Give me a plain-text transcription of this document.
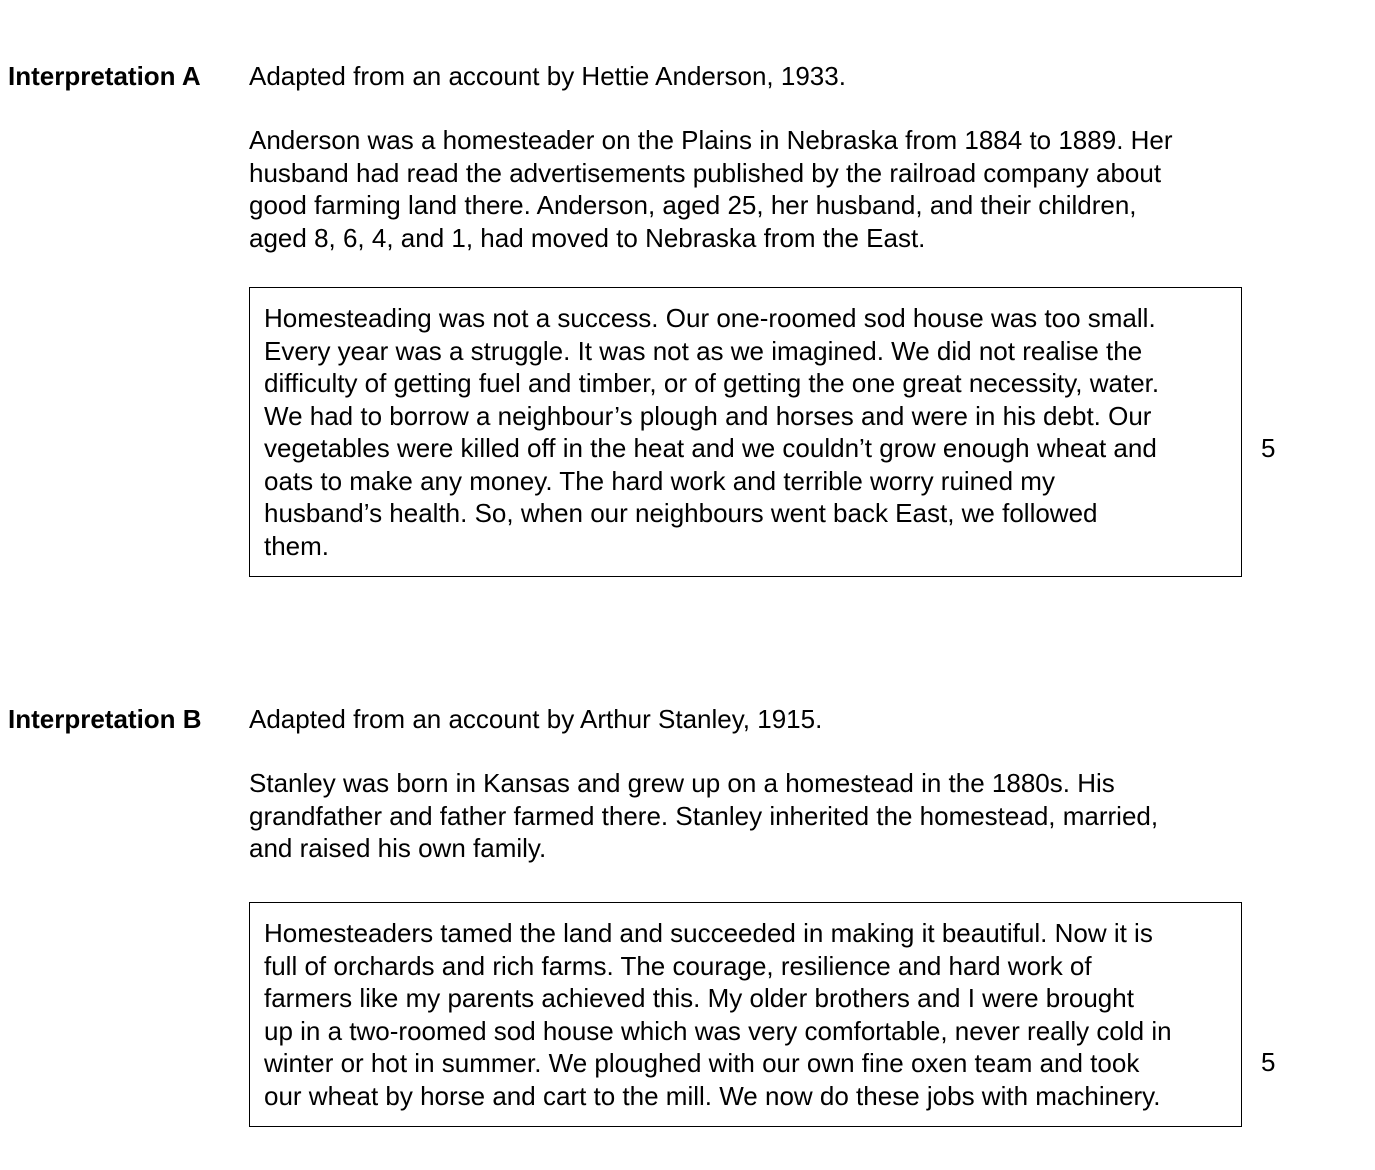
Interpretation A Adapted from an account by Hettie Anderson, 1933.
Anderson was a homesteader on the Plains in Nebraska from 1884 to 1889. Her
husband had read the advertisements published by the railroad company about
good farming land there. Anderson, aged 25, her husband, and their children,
aged 8, 6, 4, and 1, had moved to Nebraska from the East.
Homesteading was not a success. Our one-roomed sod house was too small.
Every year was a struggle. It was not as we imagined. We did not realise the
difficulty of getting fuel and timber, or of getting the one great necessity, water.
We had to borrow a neighbour’s plough and horses and were in his debt. Our
vegetables were killed off in the heat and we couldn’t grow enough wheat and
oats to make any money. The hard work and terrible worry ruined my
husband’s health. So, when our neighbours went back East, we followed
them.
5
Interpretation B Adapted from an account by Arthur Stanley, 1915.
Stanley was born in Kansas and grew up on a homestead in the 1880s. His
grandfather and father farmed there. Stanley inherited the homestead, married,
and raised his own family.
Homesteaders tamed the land and succeeded in making it beautiful. Now it is
full of orchards and rich farms. The courage, resilience and hard work of
farmers like my parents achieved this. My older brothers and I were brought
up in a two-roomed sod house which was very comfortable, never really cold in
winter or hot in summer. We ploughed with our own fine oxen team and took
our wheat by horse and cart to the mill. We now do these jobs with machinery.
5
